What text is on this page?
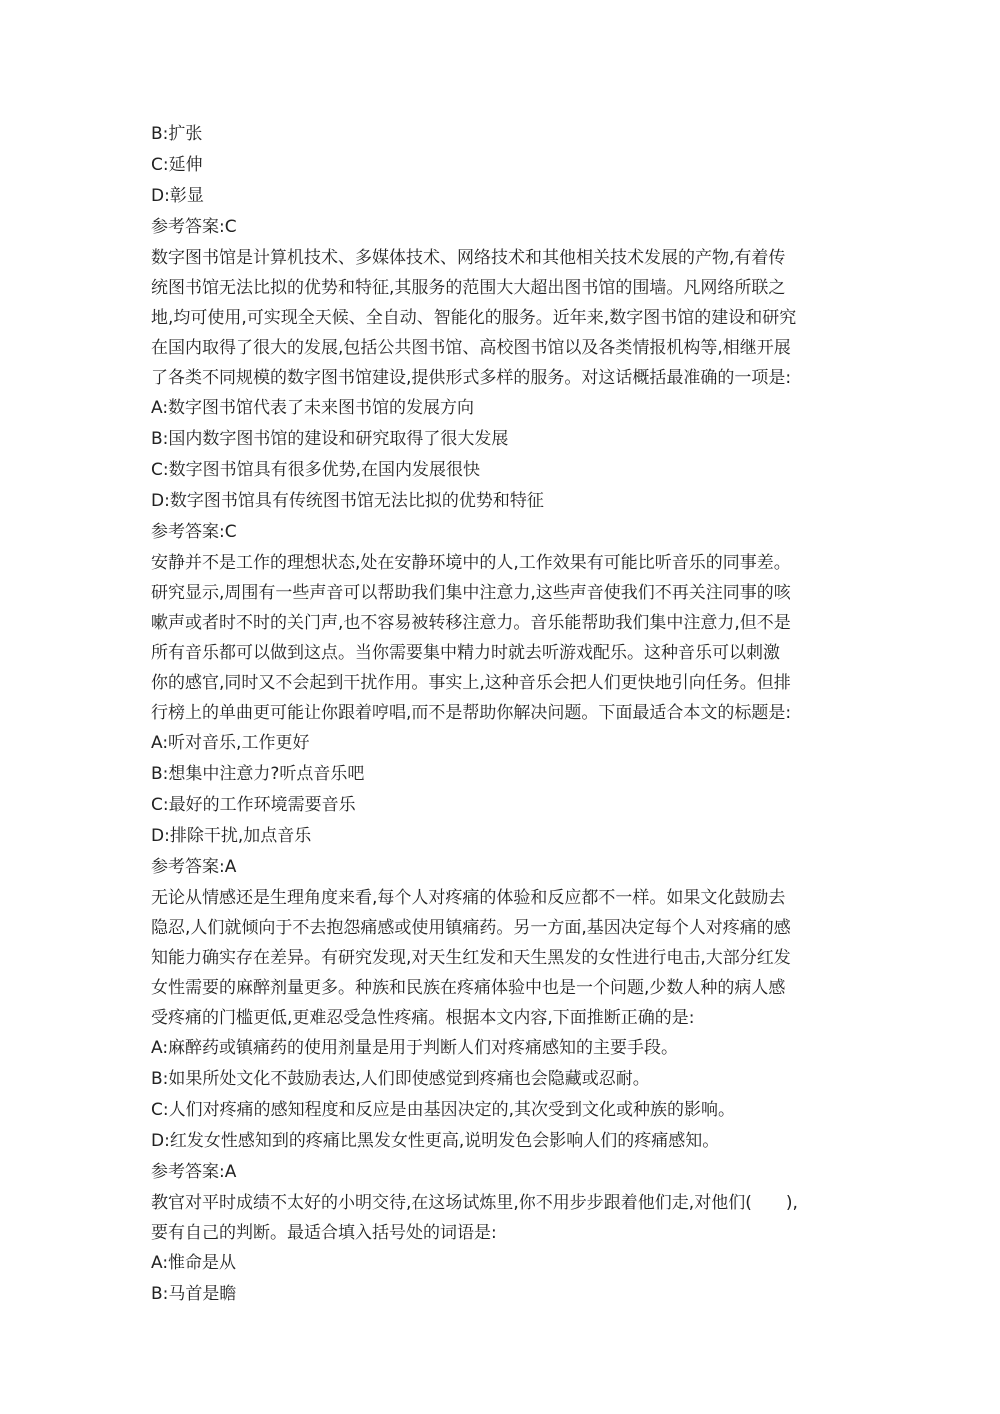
B:扩张
C:延伸
D:彰显
参考答案:C
数字图书馆是计算机技术、多媒体技术、网络技术和其他相关技术发展的产物,有着传
统图书馆无法比拟的优势和特征,其服务的范围大大超出图书馆的围墙。凡网络所联之
地,均可使用,可实现全天候、全自动、智能化的服务。近年来,数字图书馆的建设和研究
在国内取得了很大的发展,包括公共图书馆、高校图书馆以及各类情报机构等,相继开展
了各类不同规模的数字图书馆建设,提供形式多样的服务。对这话概括最准确的一项是:
A:数字图书馆代表了未来图书馆的发展方向
B:国内数字图书馆的建设和研究取得了很大发展
C:数字图书馆具有很多优势,在国内发展很快
D:数字图书馆具有传统图书馆无法比拟的优势和特征
参考答案:C
安静并不是工作的理想状态,处在安静环境中的人,工作效果有可能比听音乐的同事差。
研究显示,周围有一些声音可以帮助我们集中注意力,这些声音使我们不再关注同事的咳
嗽声或者时不时的关门声,也不容易被转移注意力。音乐能帮助我们集中注意力,但不是
所有音乐都可以做到这点。当你需要集中精力时就去听游戏配乐。这种音乐可以刺激
你的感官,同时又不会起到干扰作用。事实上,这种音乐会把人们更快地引向任务。但排
行榜上的单曲更可能让你跟着哼唱,而不是帮助你解决问题。下面最适合本文的标题是:
A:听对音乐,工作更好
B:想集中注意力?听点音乐吧
C:最好的工作环境需要音乐
D:排除干扰,加点音乐
参考答案:A
无论从情感还是生理角度来看,每个人对疼痛的体验和反应都不一样。如果文化鼓励去
隐忍,人们就倾向于不去抱怨痛感或使用镇痛药。另一方面,基因决定每个人对疼痛的感
知能力确实存在差异。有研究发现,对天生红发和天生黑发的女性进行电击,大部分红发
女性需要的麻醉剂量更多。种族和民族在疼痛体验中也是一个问题,少数人种的病人感
受疼痛的门槛更低,更难忍受急性疼痛。根据本文内容,下面推断正确的是:
A:麻醉药或镇痛药的使用剂量是用于判断人们对疼痛感知的主要手段。
B:如果所处文化不鼓励表达,人们即使感觉到疼痛也会隐藏或忍耐。
C:人们对疼痛的感知程度和反应是由基因决定的,其次受到文化或种族的影响。
D:红发女性感知到的疼痛比黑发女性更高,说明发色会影响人们的疼痛感知。
参考答案:A
教官对平时成绩不太好的小明交待,在这场试炼里,你不用步步跟着他们走,对他们(　　),
要有自己的判断。最适合填入括号处的词语是:
A:惟命是从
B:马首是瞻
